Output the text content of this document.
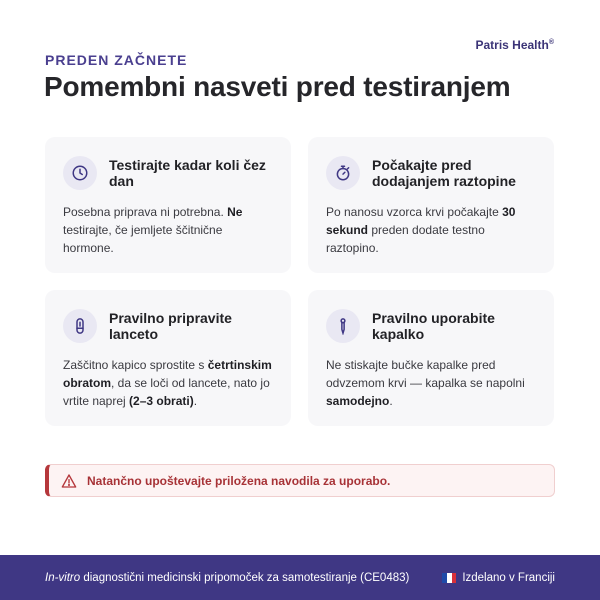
Patris Health®
PREDEN ZAČNETE
Pomembni nasveti pred testiranjem
Testirajte kadar koli čez dan

Posebna priprava ni potrebna. Ne testirajte, če jemljete ščitnične hormone.

Počakajte pred dodajanjem raztopine

Po nanosu vzorca krvi počakajte 30 sekund preden dodate testno raztopino.

Pravilno pripravite lanceto

Zaščitno kapico sprostite s četrtinskim obratom, da se loči od lancete, nato jo vrtite naprej (2–3 obrati).

Pravilno uporabite kapalko

Ne stiskajte bučke kapalke pred odvzemom krvi — kapalka se napolni samodejno.

Natančno upoštevajte priložena navodila za uporabo.
In-vitro diagnostični medicinski pripomoček za samotestiranje (CE0483)	Izdelano v Franciji
